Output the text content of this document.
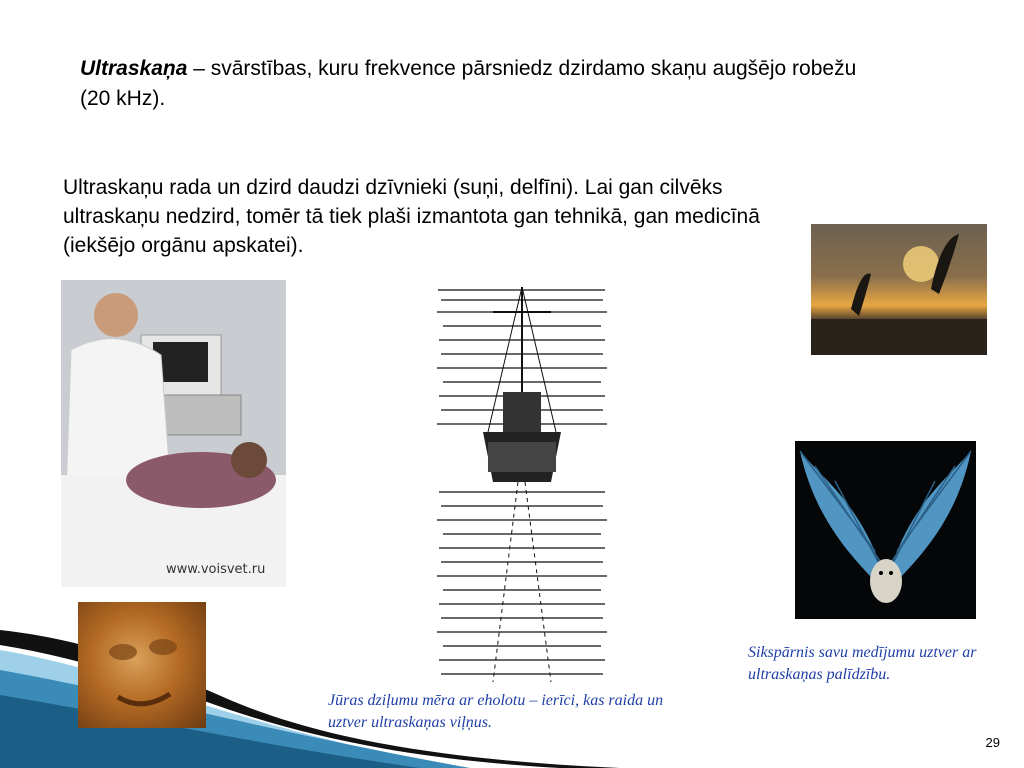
Ultraskaņa – svārstības, kuru frekvence pārsniedz dzirdamo skaņu augšējo robežu (20 kHz).
Ultraskaņu rada un dzird daudzi dzīvnieki (suņi, delfīni). Lai gan cilvēks ultraskaņu nedzird, tomēr tā tiek plaši izmantota gan tehnikā, gan medicīnā (iekšējo orgānu apskatei).
www.voisvet.ru
Sikspārnis savu medījumu uztver ar ultraskaņas palīdzību.
Jūras dziļumu mēra ar eholotu – ierīci, kas raida un uztver ultraskaņas viļņus.
29
